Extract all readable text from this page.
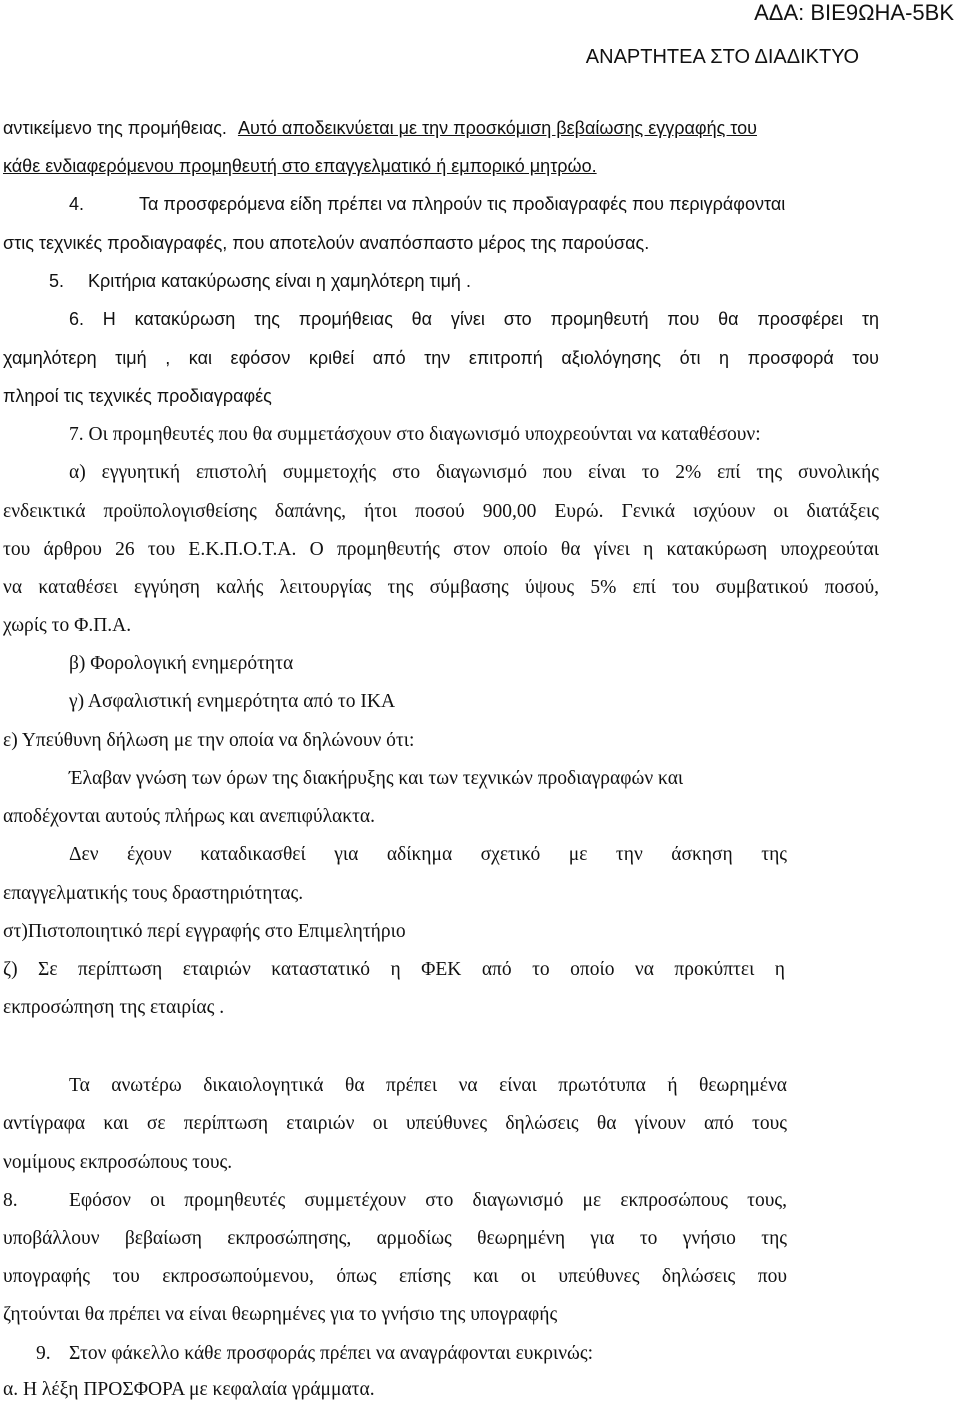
ΑΔΑ: ΒΙΕ9ΩΗΑ-5ΒΚ
ΑΝΑΡΤΗΤΕΑ ΣΤΟ ΔΙΑΔΙΚΤΥΟ
αντικείμενο της προμήθειας. Αυτό αποδεικνύεται με την προσκόμιση βεβαίωσης εγγραφής του
κάθε ενδιαφερόμενου προμηθευτή στο επαγγελματικό ή εμπορικό μητρώο.
4.	Τα προσφερόμενα είδη πρέπει να πληρούν τις προδιαγραφές που περιγράφονται
στις τεχνικές προδιαγραφές, που αποτελούν αναπόσπαστο μέρος της παρούσας.
5. Κριτήρια κατακύρωσης είναι η χαμηλότερη τιμή .
6. Η κατακύρωση της προμήθειας θα γίνει στο προμηθευτή που θα προσφέρει τη
χαμηλότερη τιμή , και εφόσον κριθεί από την επιτροπή αξιολόγησης ότι η προσφορά του
πληροί τις τεχνικές προδιαγραφές
7. Οι προμηθευτές που θα συμμετάσχουν στο διαγωνισμό υποχρεούνται να καταθέσουν:
α) εγγυητική επιστολή συμμετοχής στο διαγωνισμό που είναι το 2% επί της συνολικής
ενδεικτικά προϋπολογισθείσης δαπάνης, ήτοι ποσού 900,00 Ευρώ. Γενικά ισχύουν οι διατάξεις
του άρθρου 26 του Ε.Κ.Π.Ο.Τ.Α. Ο προμηθευτής στον οποίο θα γίνει η κατακύρωση υποχρεούται
να καταθέσει εγγύηση καλής λειτουργίας της σύμβασης ύψους 5% επί του συμβατικού ποσού,
χωρίς το Φ.Π.Α.
β) Φορολογική ενημερότητα
γ) Ασφαλιστική ενημερότητα από το ΙΚΑ
ε) Υπεύθυνη δήλωση με την οποία να δηλώνουν ότι:
Έλαβαν γνώση των όρων της διακήρυξης και των τεχνικών προδιαγραφών και
αποδέχονται αυτούς πλήρως και ανεπιφύλακτα.
Δεν έχουν καταδικασθεί για αδίκημα σχετικό με την άσκηση της
επαγγελματικής τους δραστηριότητας.
στ)Πιστοποιητικό περί εγγραφής στο Επιμελητήριο
ζ) Σε περίπτωση εταιριών καταστατικό η ΦΕΚ από το οποίο να προκύπτει η
εκπροσώπηση της εταιρίας .
Τα ανωτέρω δικαιολογητικά θα πρέπει να είναι πρωτότυπα ή θεωρημένα
αντίγραφα και σε περίπτωση εταιριών οι υπεύθυνες δηλώσεις θα γίνουν από τους
νομίμους εκπροσώπους τους.
8.	Εφόσον οι προμηθευτές συμμετέχουν στο διαγωνισμό με εκπροσώπους τους,
υποβάλλουν βεβαίωση εκπροσώπησης, αρμοδίως θεωρημένη για το γνήσιο της
υπογραφής του εκπροσωπούμενου, όπως επίσης και οι υπεύθυνες δηλώσεις που
ζητούνται θα πρέπει να είναι θεωρημένες για το γνήσιο της υπογραφής
9. Στον φάκελλο κάθε προσφοράς πρέπει να αναγράφονται ευκρινώς:
α. Η λέξη ΠΡΟΣΦΟΡΑ με κεφαλαία γράμματα.
